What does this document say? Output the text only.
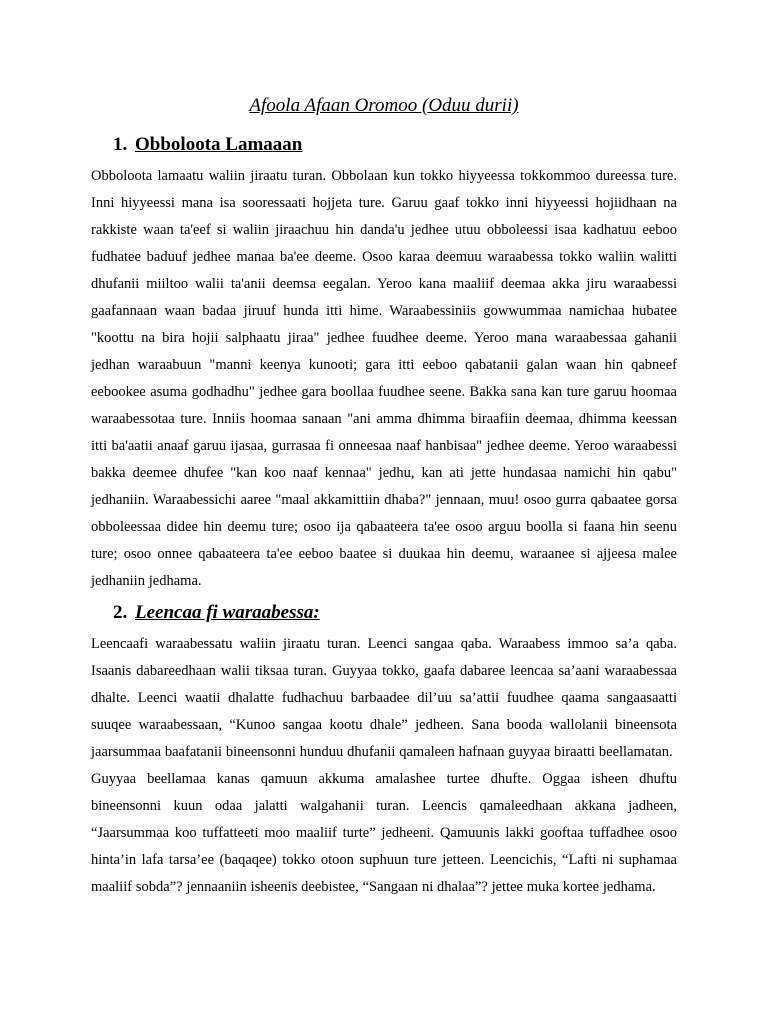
Afoola Afaan Oromoo (Oduu durii)
1. Obboloota Lamaaan

Obboloota lamaatu waliin jiraatu turan. Obbolaan kun tokko hiyyeessa tokkommoo dureessa ture. Inni hiyyeessi mana isa sooressaati hojjeta ture. Garuu gaaf tokko inni hiyyeessi hojiidhaan na rakkiste waan ta'eef si waliin jiraachuu hin danda'u jedhee utuu obboleessi isaa kadhatuu eeboo fudhatee baduuf jedhee manaa ba'ee deeme. Osoo karaa deemuu waraabessa tokko waliin walitti dhufanii miiltoo walii ta'anii deemsa eegalan. Yeroo kana maaliif deemaa akka jiru waraabessi gaafannaan waan badaa jiruuf hunda itti hime. Waraabessiniis gowwummaa namichaa hubatee "koottu na bira hojii salphaatu jiraa" jedhee fuudhee deeme. Yeroo mana waraabessaa gahanii jedhan waraabuun "manni keenya kunooti; gara itti eeboo qabatanii galan waan hin qabneef eebookee asuma godhadhu" jedhee gara boollaa fuudhee seene. Bakka sana kan ture garuu hoomaa waraabessotaa ture. Inniis hoomaa sanaan "ani amma dhimma biraafiin deemaa, dhimma keessan itti ba'aatii anaaf garuu ijasaa, gurrasaa fi onneesaa naaf hanbisaa" jedhee deeme. Yeroo waraabessi bakka deemee dhufee "kan koo naaf kennaa" jedhu, kan ati jette hundasaa namichi hin qabu" jedhaniin. Waraabessichi aaree "maal akkamittiin dhaba?" jennaan, muu! osoo gurra qabaatee gorsa obboleessaa didee hin deemu ture; osoo ija qabaateera ta'ee osoo arguu boolla si faana hin seenu ture; osoo onnee qabaateera ta'ee eeboo baatee si duukaa hin deemu, waraanee si ajjeesa malee jedhaniin jedhama.

2. Leencaa fi waraabessa:

Leencaafi waraabessatu waliin jiraatu turan. Leenci sangaa qaba. Waraabess immoo sa’a qaba. Isaanis dabareedhaan walii tiksaa turan. Guyyaa tokko, gaafa dabaree leencaa sa’aani waraabessaa dhalte. Leenci waatii dhalatte fudhachuu barbaadee dil’uu sa’attii fuudhee qaama sangaasaatti suuqee waraabessaan, “Kunoo sangaa kootu dhale” jedheen. Sana booda wallolanii bineensota jaarsummaa baafatanii bineensonni hunduu dhufanii qamaleen hafnaan guyyaa biraatti beellamatan.

Guyyaa beellamaa kanas qamuun akkuma amalashee turtee dhufte. Oggaa isheen dhuftu bineensonni kuun odaa jalatti walgahanii turan. Leencis qamaleedhaan akkana jadheen, “Jaarsummaa koo tuffatteeti moo maaliif turte” jedheeni. Qamuunis lakki gooftaa tuffadhee osoo hinta’in lafa tarsa’ee (baqaqee) tokko otoon suphuun ture jetteen. Leencichis, “Lafti ni suphamaa maaliif sobda”? jennaaniin isheenis deebistee, “Sangaan ni dhalaa”? jettee muka kortee jedhama.
